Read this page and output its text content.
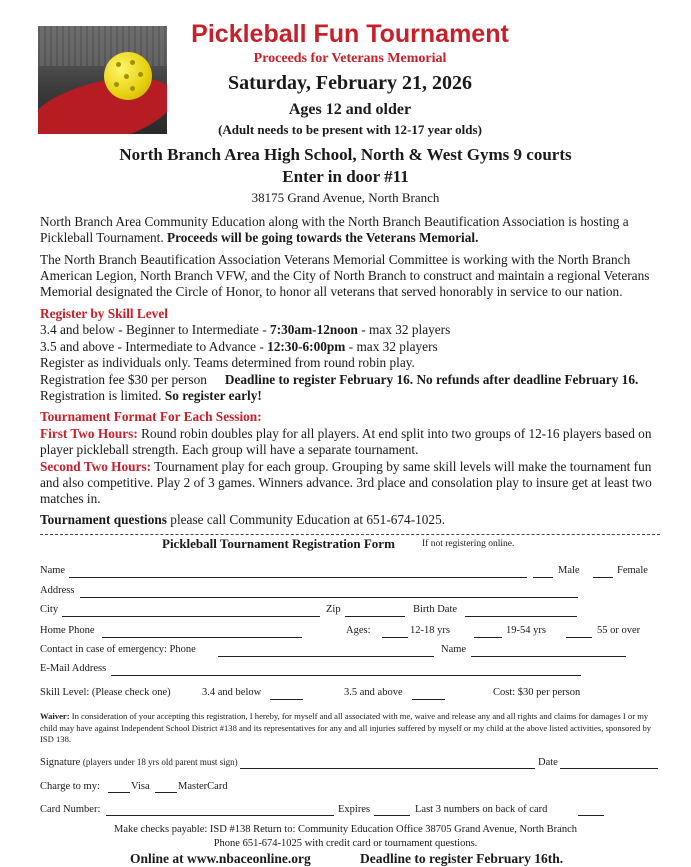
Pickleball Fun Tournament
Proceeds for Veterans Memorial
Saturday, February 21, 2026
Ages 12 and older
(Adult needs to be present with 12-17 year olds)
North Branch Area High School, North & West Gyms 9 courts
Enter in door #11
38175 Grand Avenue, North Branch
North Branch Area Community Education along with the North Branch Beautification Association is hosting a Pickleball Tournament. Proceeds will be going towards the Veterans Memorial.
The North Branch Beautification Association Veterans Memorial Committee is working with the North Branch American Legion, North Branch VFW, and the City of North Branch to construct and maintain a regional Veterans Memorial designated the Circle of Honor, to honor all veterans that served honorably in service to our nation.
Register by Skill Level
3.4 and below - Beginner to Intermediate - 7:30am-12noon - max 32 players
3.5 and above - Intermediate to Advance - 12:30-6:00pm - max 32 players
Register as individuals only. Teams determined from round robin play.
Registration fee $30 per person Deadline to register February 16. No refunds after deadline February 16.
Registration is limited. So register early!
Tournament Format For Each Session:
First Two Hours: Round robin doubles play for all players. At end split into two groups of 12-16 players based on player pickleball strength. Each group will have a separate tournament.
Second Two Hours: Tournament play for each group. Grouping by same skill levels will make the tournament fun and also competitive. Play 2 of 3 games. Winners advance. 3rd place and consolation play to insure get at least two matches in.
Tournament questions please call Community Education at 651-674-1025.
Pickleball Tournament Registration Form	If not registering online.
Name	Male	Female
Address
City	Zip	Birth Date
Home Phone	Ages:	12-18 yrs	19-54 yrs	55 or over
Contact in case of emergency: Phone	Name
E-Mail Address
Skill Level: (Please check one)	3.4 and below	3.5 and above	Cost: $30 per person
Waiver: In consideration of your accepting this registration, I hereby, for myself and all associated with me, waive and release any and all rights and claims for damages I or my child may have against Independent School District #138 and its representatives for any and all injuries suffered by myself or my child at the above listed activities, sponsored by ISD 138.
Signature (players under 18 yrs old parent must sign)	Date
Charge to my:	Visa	MasterCard
Card Number:	Expires	Last 3 numbers on back of card
Make checks payable: ISD #138 Return to: Community Education Office 38705 Grand Avenue, North Branch
Phone 651-674-1025 with credit card or tournament questions.
Online at www.nbaceonline.org	Deadline to register February 16th.
